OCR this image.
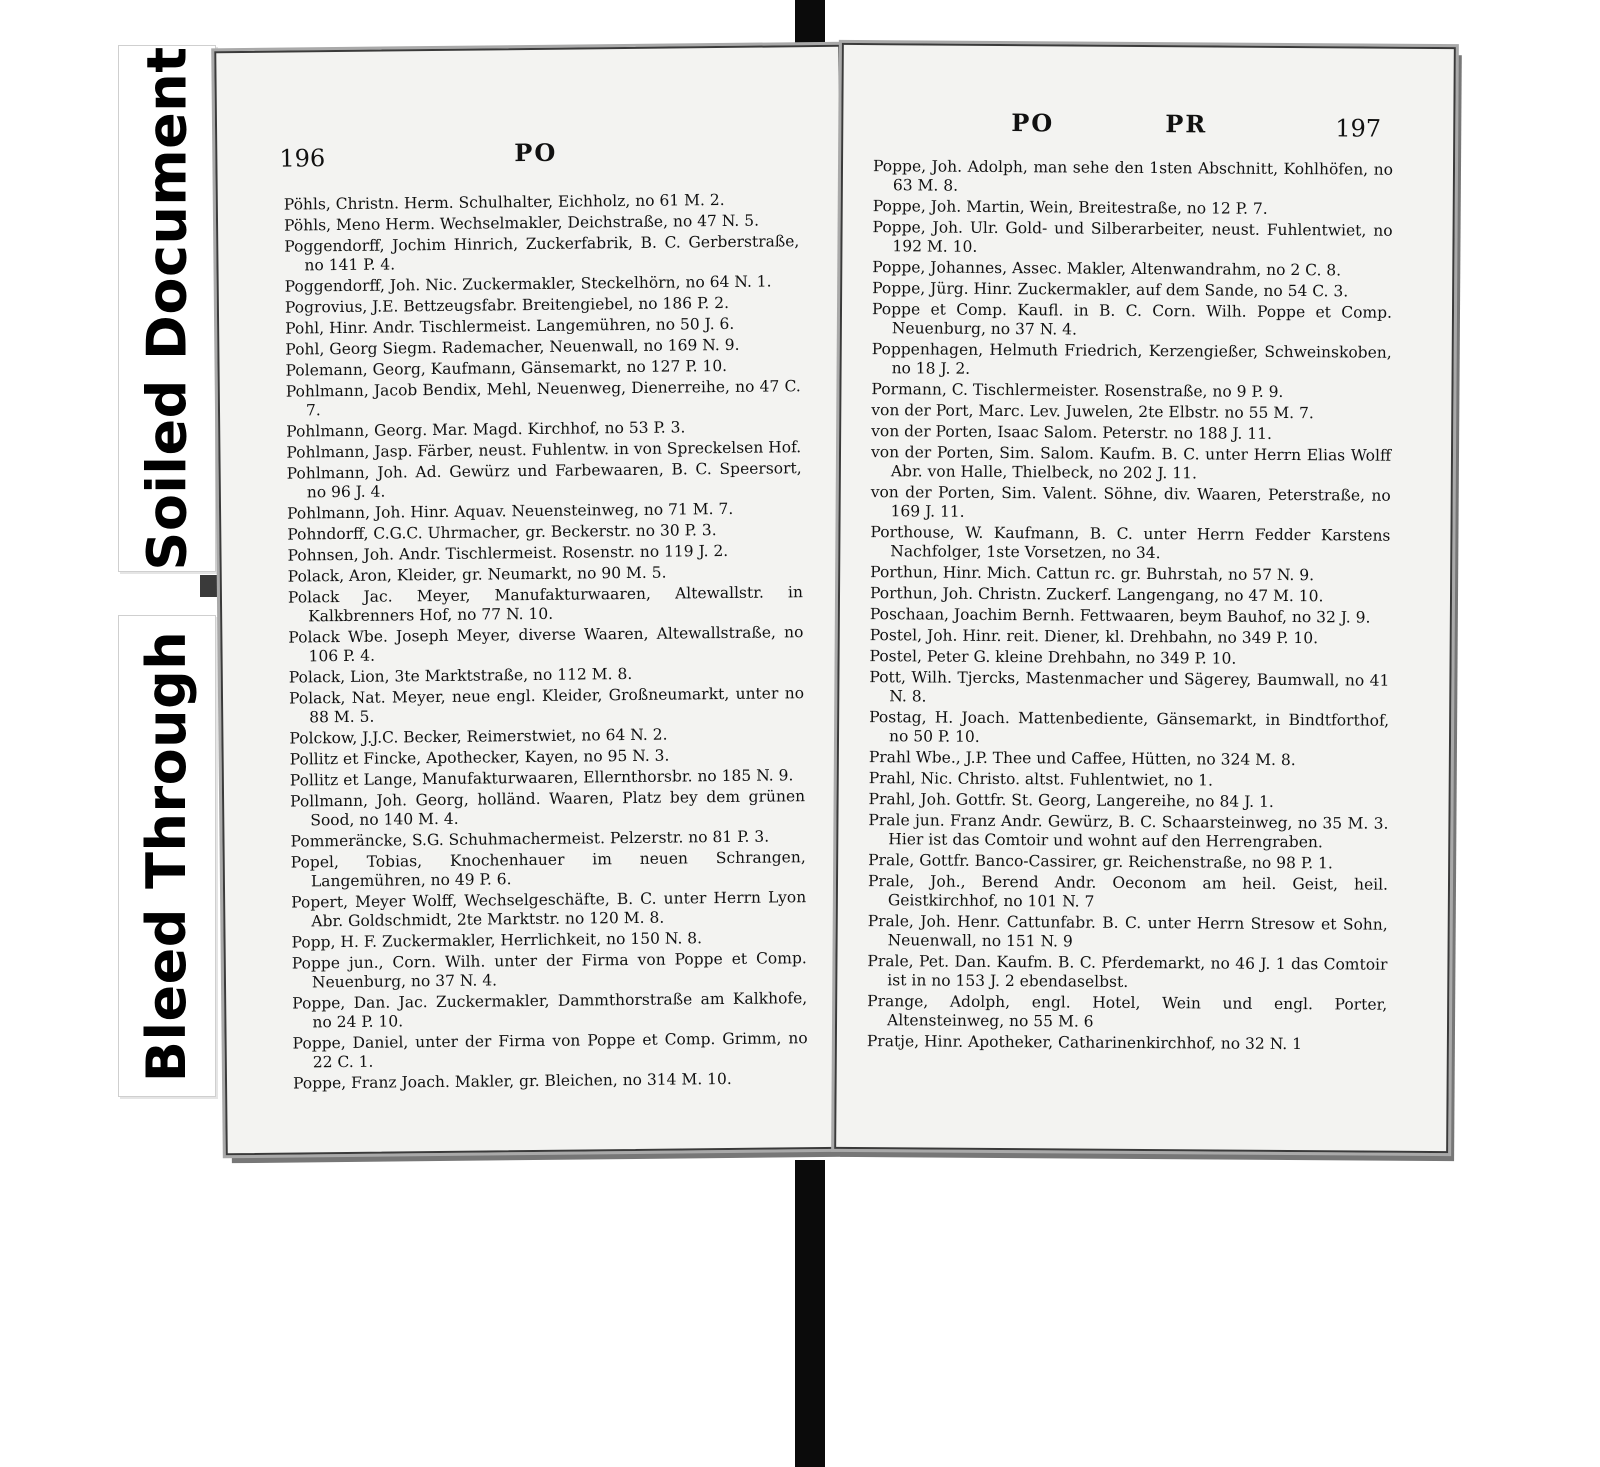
Soiled Document
Bleed Through
196	PO
Pöhls, Christn. Herm. Schulhalter, Eichholz, no 61 M. 2.
Pöhls, Meno Herm. Wechselmakler, Deichstraße, no 47 N. 5.
Poggendorff, Jochim Hinrich, Zuckerfabrik, B. C. Gerberstraße, no 141 P. 4.
Poggendorff, Joh. Nic. Zuckermakler, Steckelhörn, no 64 N. 1.
Pogrovius, J.E. Bettzeugsfabr. Breitengiebel, no 186 P. 2.
Pohl, Hinr. Andr. Tischlermeist. Langemühren, no 50 J. 6.
Pohl, Georg Siegm. Rademacher, Neuenwall, no 169 N. 9.
Polemann, Georg, Kaufmann, Gänsemarkt, no 127 P. 10.
Pohlmann, Jacob Bendix, Mehl, Neuenweg, Dienerreihe, no 47 C. 7.
Pohlmann, Georg. Mar. Magd. Kirchhof, no 53 P. 3.
Pohlmann, Jasp. Färber, neust. Fuhlentw. in von Spreckelsen Hof.
Pohlmann, Joh. Ad. Gewürz und Farbewaaren, B. C. Speersort, no 96 J. 4.
Pohlmann, Joh. Hinr. Aquav. Neuensteinweg, no 71 M. 7.
Pohndorff, C.G.C. Uhrmacher, gr. Beckerstr. no 30 P. 3.
Pohnsen, Joh. Andr. Tischlermeist. Rosenstr. no 119 J. 2.
Polack, Aron, Kleider, gr. Neumarkt, no 90 M. 5.
Polack Jac. Meyer, Manufakturwaaren, Altewallstr. in Kalkbrenners Hof, no 77 N. 10.
Polack Wbe. Joseph Meyer, diverse Waaren, Altewallstraße, no 106 P. 4.
Polack, Lion, 3te Marktstraße, no 112 M. 8.
Polack, Nat. Meyer, neue engl. Kleider, Großneumarkt, unter no 88 M. 5.
Polckow, J.J.C. Becker, Reimerstwiet, no 64 N. 2.
Pollitz et Fincke, Apothecker, Kayen, no 95 N. 3.
Pollitz et Lange, Manufakturwaaren, Ellernthorsbr. no 185 N. 9.
Pollmann, Joh. Georg, holländ. Waaren, Platz bey dem grünen Sood, no 140 M. 4.
Pommeräncke, S.G. Schuhmachermeist. Pelzerstr. no 81 P. 3.
Popel, Tobias, Knochenhauer im neuen Schrangen, Langemühren, no 49 P. 6.
Popert, Meyer Wolff, Wechselgeschäfte, B. C. unter Herrn Lyon Abr. Goldschmidt, 2te Marktstr. no 120 M. 8.
Popp, H. F. Zuckermakler, Herrlichkeit, no 150 N. 8.
Poppe jun., Corn. Wilh. unter der Firma von Poppe et Comp. Neuenburg, no 37 N. 4.
Poppe, Dan. Jac. Zuckermakler, Dammthorstraße am Kalkhofe, no 24 P. 10.
Poppe, Daniel, unter der Firma von Poppe et Comp. Grimm, no 22 C. 1.
Poppe, Franz Joach. Makler, gr. Bleichen, no 314 M. 10.
PO	PR	197
Poppe, Joh. Adolph, man sehe den 1sten Abschnitt, Kohlhöfen, no 63 M. 8.
Poppe, Joh. Martin, Wein, Breitestraße, no 12 P. 7.
Poppe, Joh. Ulr. Gold- und Silberarbeiter, neust. Fuhlentwiet, no 192 M. 10.
Poppe, Johannes, Assec. Makler, Altenwandrahm, no 2 C. 8.
Poppe, Jürg. Hinr. Zuckermakler, auf dem Sande, no 54 C. 3.
Poppe et Comp. Kaufl. in B. C. Corn. Wilh. Poppe et Comp. Neuenburg, no 37 N. 4.
Poppenhagen, Helmuth Friedrich, Kerzengießer, Schweinskoben, no 18 J. 2.
Pormann, C. Tischlermeister. Rosenstraße, no 9 P. 9.
von der Port, Marc. Lev. Juwelen, 2te Elbstr. no 55 M. 7.
von der Porten, Isaac Salom. Peterstr. no 188 J. 11.
von der Porten, Sim. Salom. Kaufm. B. C. unter Herrn Elias Wolff Abr. von Halle, Thielbeck, no 202 J. 11.
von der Porten, Sim. Valent. Söhne, div. Waaren, Peterstraße, no 169 J. 11.
Porthouse, W. Kaufmann, B. C. unter Herrn Fedder Karstens Nachfolger, 1ste Vorsetzen, no 34.
Porthun, Hinr. Mich. Cattun rc. gr. Buhrstah, no 57 N. 9.
Porthun, Joh. Christn. Zuckerf. Langengang, no 47 M. 10.
Poschaan, Joachim Bernh. Fettwaaren, beym Bauhof, no 32 J. 9.
Postel, Joh. Hinr. reit. Diener, kl. Drehbahn, no 349 P. 10.
Postel, Peter G. kleine Drehbahn, no 349 P. 10.
Pott, Wilh. Tjercks, Mastenmacher und Sägerey, Baumwall, no 41 N. 8.
Postag, H. Joach. Mattenbediente, Gänsemarkt, in Bindtforthof, no 50 P. 10.
Prahl Wbe., J.P. Thee und Caffee, Hütten, no 324 M. 8.
Prahl, Nic. Christo. altst. Fuhlentwiet, no 1.
Prahl, Joh. Gottfr. St. Georg, Langereihe, no 84 J. 1.
Prale jun. Franz Andr. Gewürz, B. C. Schaarsteinweg, no 35 M. 3. Hier ist das Comtoir und wohnt auf den Herrengraben.
Prale, Gottfr. Banco-Cassirer, gr. Reichenstraße, no 98 P. 1.
Prale, Joh., Berend Andr. Oeconom am heil. Geist, heil. Geistkirchhof, no 101 N. 7
Prale, Joh. Henr. Cattunfabr. B. C. unter Herrn Stresow et Sohn, Neuenwall, no 151 N. 9
Prale, Pet. Dan. Kaufm. B. C. Pferdemarkt, no 46 J. 1 das Comtoir ist in no 153 J. 2 ebendaselbst.
Prange, Adolph, engl. Hotel, Wein und engl. Porter, Altensteinweg, no 55 M. 6
Pratje, Hinr. Apotheker, Catharinenkirchhof, no 32 N. 1
